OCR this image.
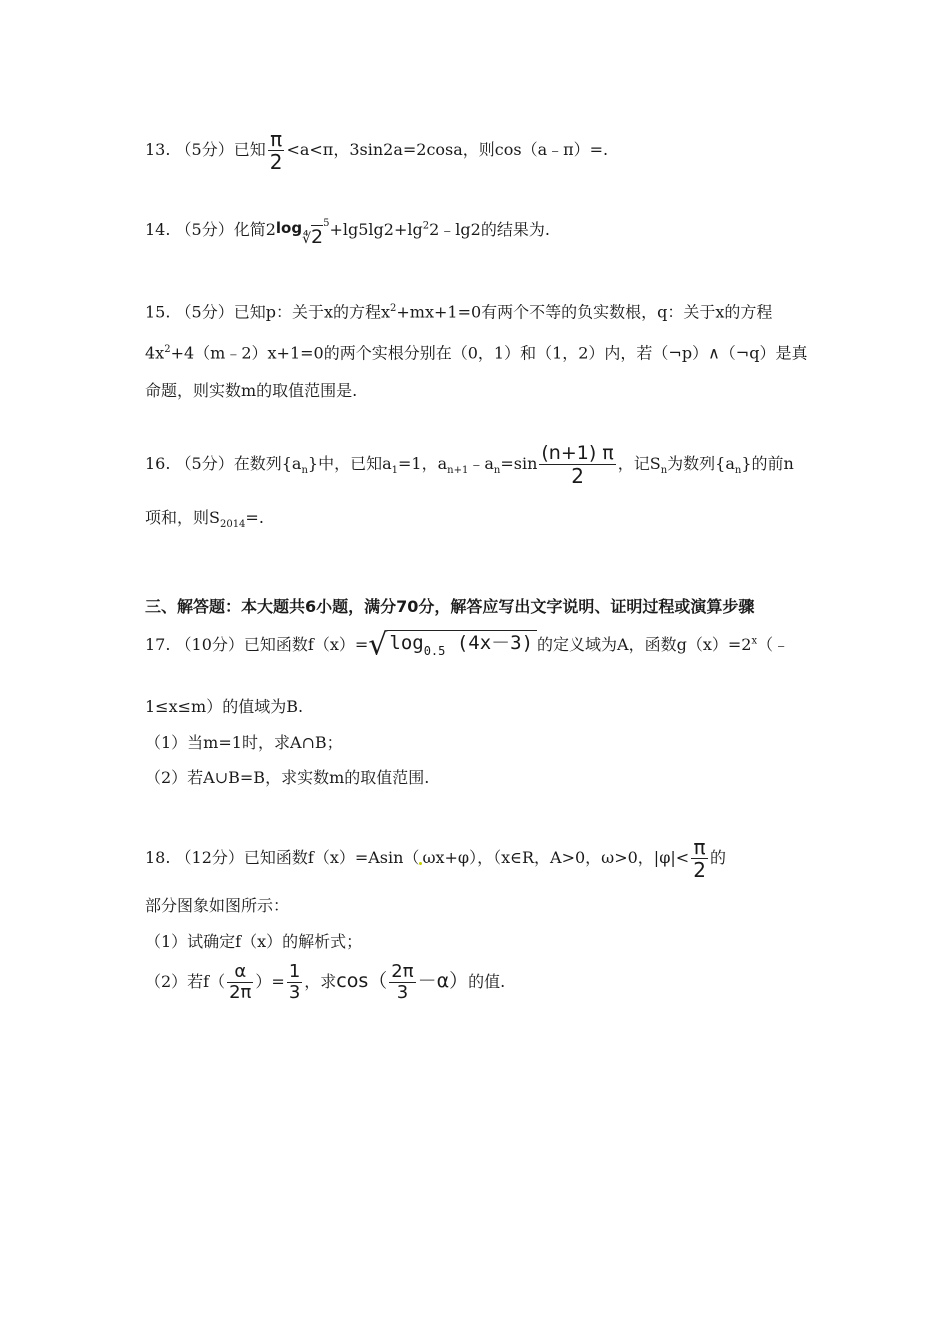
13. （5分）已知 $\frac{\pi}{2} <a<\pi$，3sin2a=2cosa，则cos（a﹣π）=.
14. （5分）化简$2\log∜2^5+\lg 5\lg 2+\lg^22﹣\lg 2$的结果为.
15. （5分）已知p：关于x的方程$x^2+mx+1=0$有两个不等的负实数根，q：关于x的方程
$4x^2+4(m﹣2)x+1=0$的两个实根分别在（0，1）和（1，2）内，若（¬p）∧（¬q）是真
命题，则实数m的取值范围是.
16. （5分）在数列$\{a_n\}$中，已知$a_1=1$，$a_{n+1}﹣a_n=\sin \frac{(n+1) \pi}{2}$ ，记$S_n$为数列$\{a_n\}$的前n
项和，则$S_{2014}=$.
三、解答题：本大题共6小题，满分70分，解答应写出文字说明、证明过程或演算步骤
17. （10分）已知函数f（x）=√ $\log_{0.5} (4x-3)$ 的定义域为A，函数$g(x)=2^x(﹣$
1≤x≤m）的值域为B.
（1）当m=1时，求A∩B；
（2）若A∪B=B，求实数m的取值范围.
18. （12分）已知函数f（x）=Asin（ ωx+φ），（x∈R，A>0，ω>0，$|\varphi|< \frac{\pi}{2}$ 的
部分图象如图所示：
（1）试确定f（x）的解析式；
（2）若$f( \frac{\alpha}{2\pi}$ ）= $\frac{1}{3}$ ，求$\cos( \frac{2\pi}{3} -\alpha)$的值.
